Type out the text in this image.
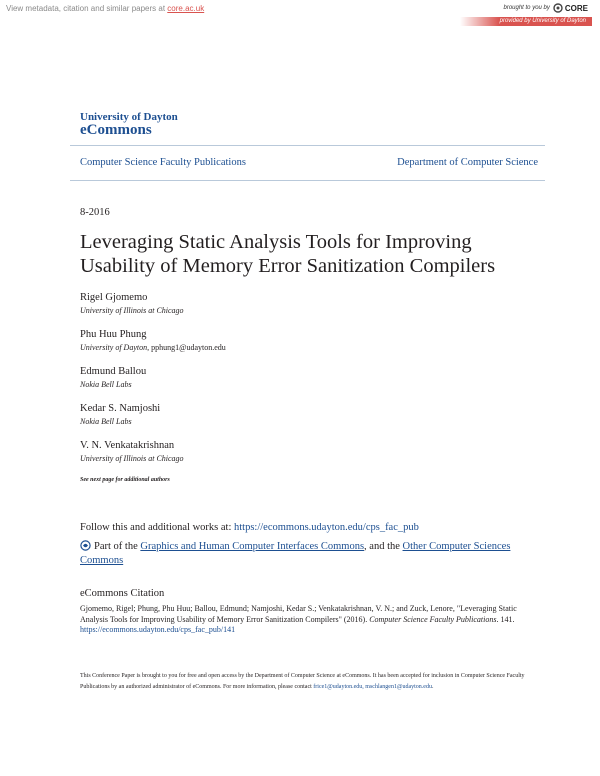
View metadata, citation and similar papers at core.ac.uk	brought to you by CORE
provided by University of Dayton
University of Dayton
eCommons
Computer Science Faculty Publications	Department of Computer Science
8-2016
Leveraging Static Analysis Tools for Improving
Usability of Memory Error Sanitization Compilers
Rigel Gjomemo
University of Illinois at Chicago
Phu Huu Phung
University of Dayton, pphung1@udayton.edu
Edmund Ballou
Nokia Bell Labs
Kedar S. Namjoshi
Nokia Bell Labs
V. N. Venkatakrishnan
University of Illinois at Chicago
See next page for additional authors
Follow this and additional works at: https://ecommons.udayton.edu/cps_fac_pub
Part of the Graphics and Human Computer Interfaces Commons, and the Other Computer Sciences Commons
eCommons Citation
Gjomemo, Rigel; Phung, Phu Huu; Ballou, Edmund; Namjoshi, Kedar S.; Venkatakrishnan, V. N.; and Zuck, Lenore, "Leveraging Static Analysis Tools for Improving Usability of Memory Error Sanitization Compilers" (2016). Computer Science Faculty Publications. 141.
https://ecommons.udayton.edu/cps_fac_pub/141
This Conference Paper is brought to you for free and open access by the Department of Computer Science at eCommons. It has been accepted for inclusion in Computer Science Faculty Publications by an authorized administrator of eCommons. For more information, please contact frice1@udayton.edu, mschlangen1@udayton.edu.
